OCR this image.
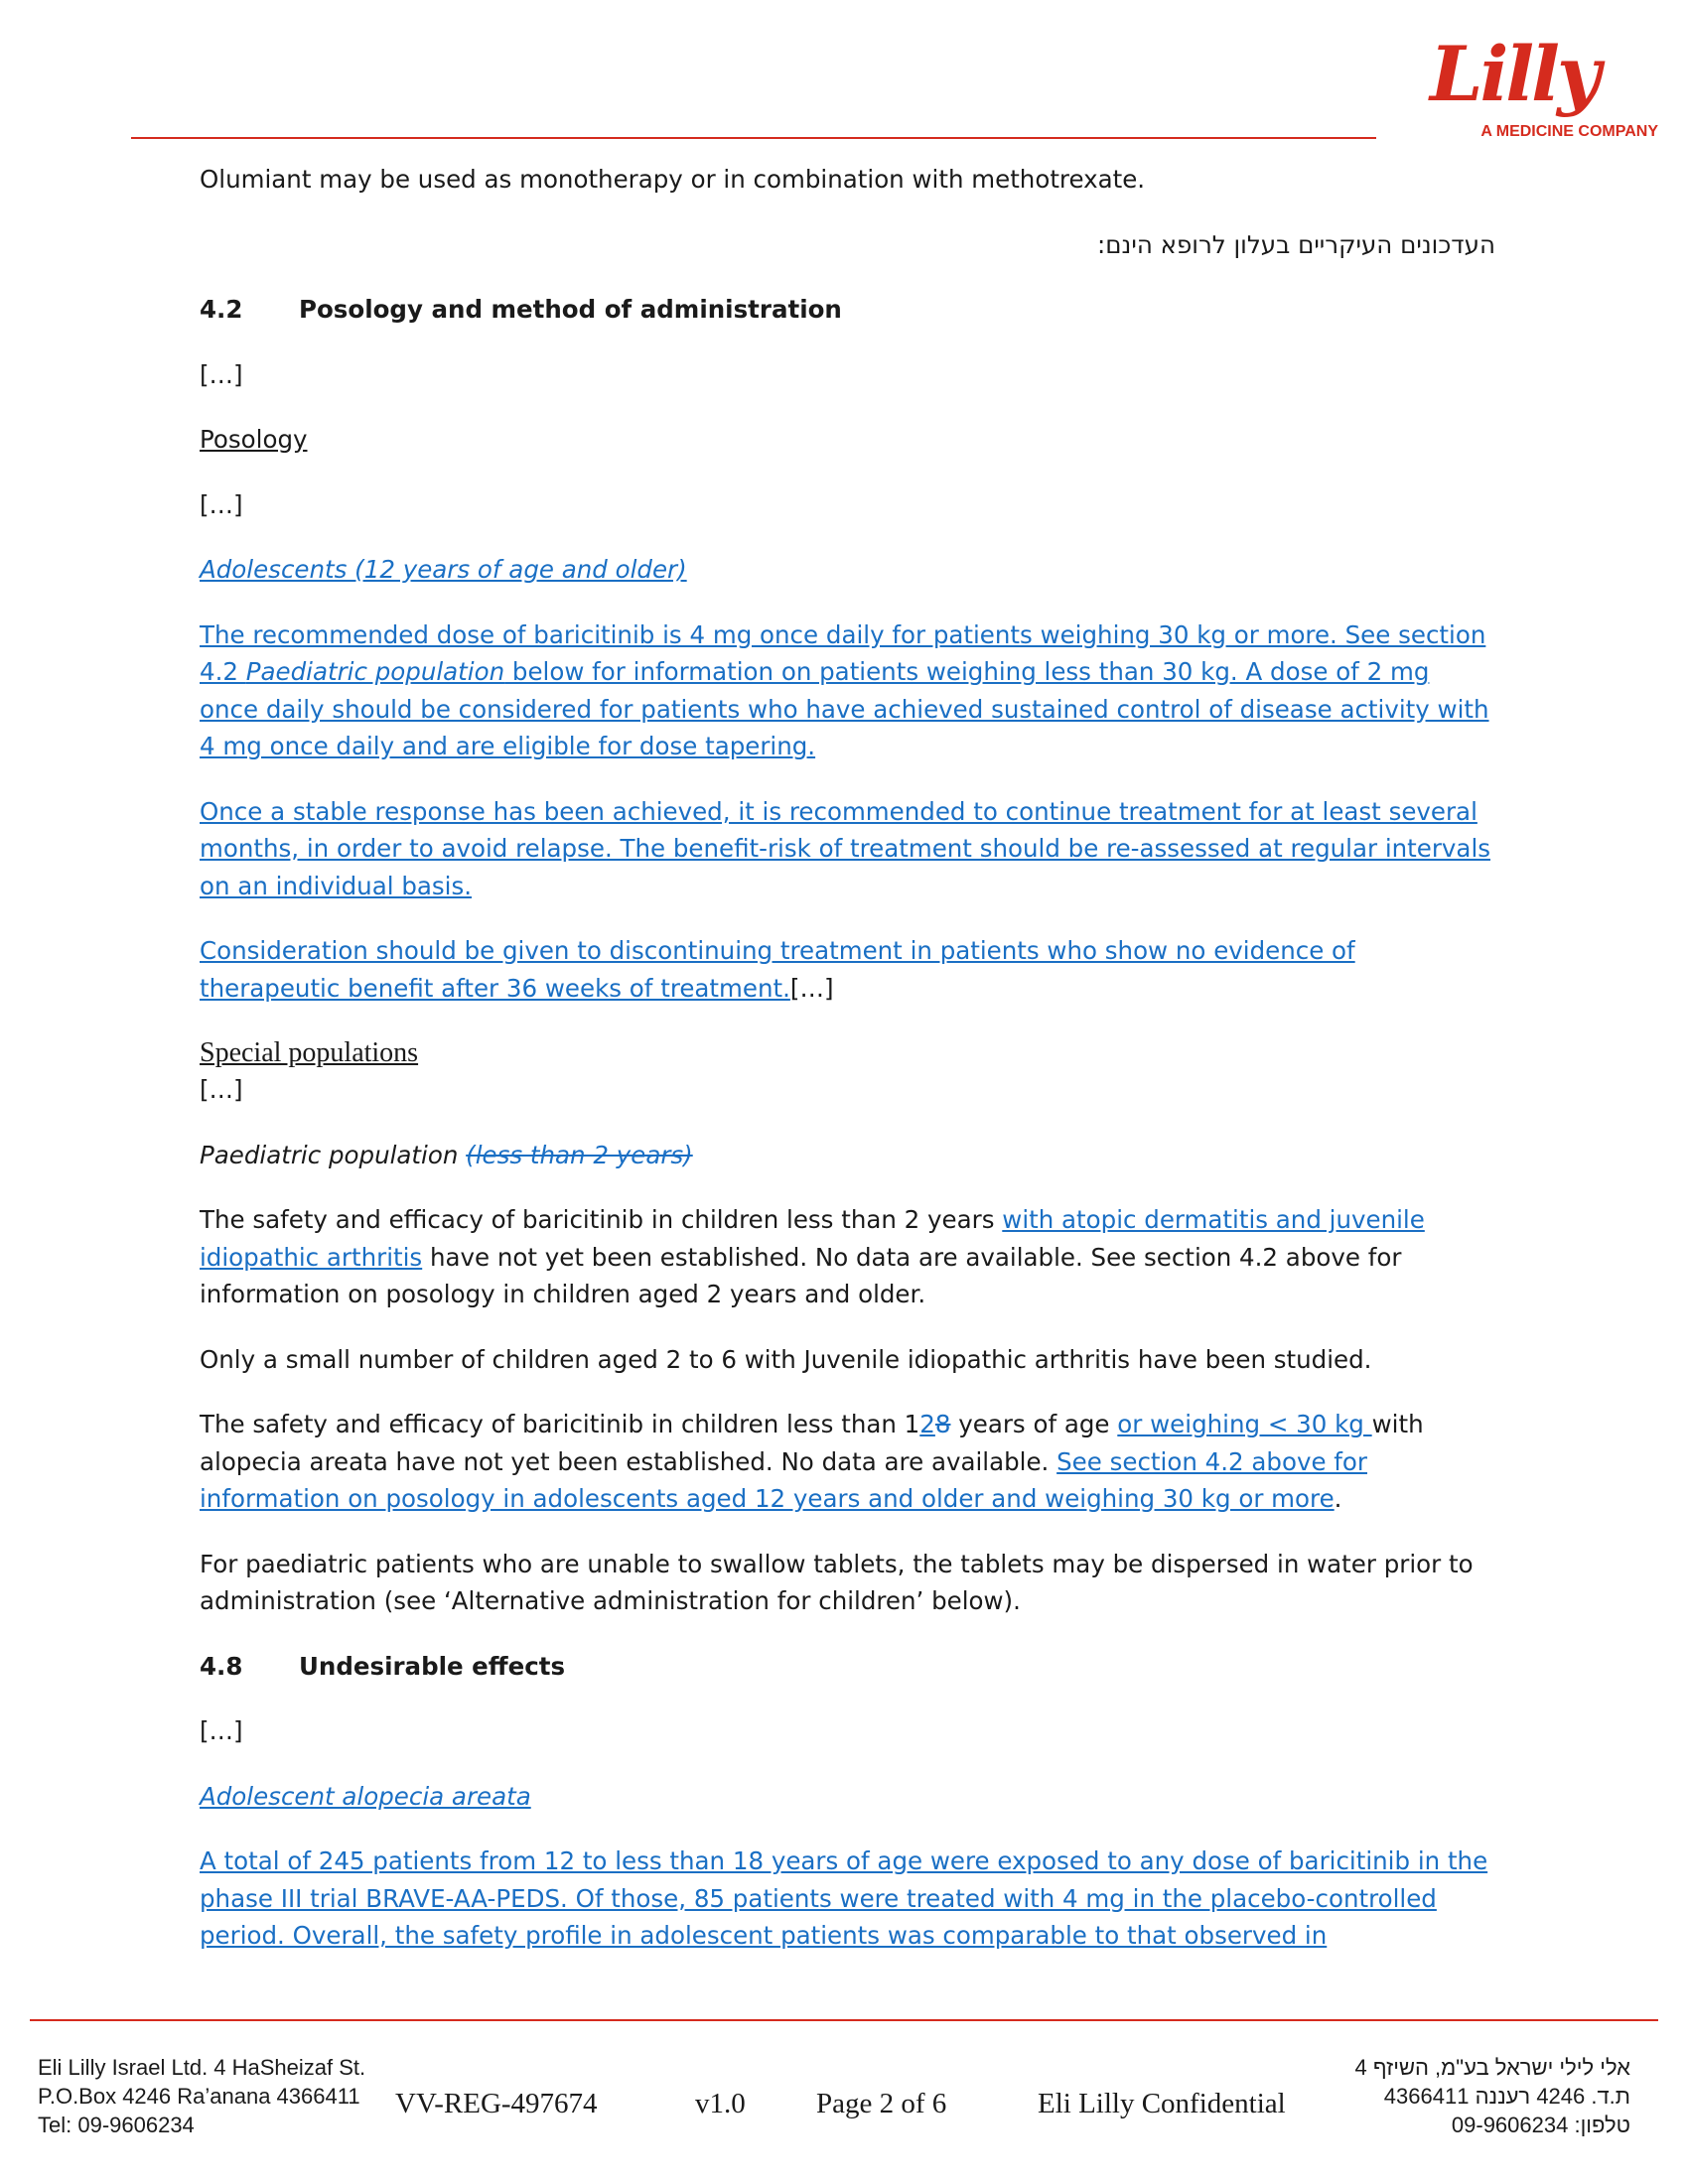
Lilly
A MEDICINE COMPANY

Olumiant may be used as monotherapy or in combination with methotrexate.

העדכונים העיקריים בעלון לרופא הינם:

4.2 Posology and method of administration

[…]

Posology

[…]

Adolescents (12 years of age and older)

The recommended dose of baricitinib is 4 mg once daily for patients weighing 30 kg or more. See section 4.2 Paediatric population below for information on patients weighing less than 30 kg. A dose of 2 mg once daily should be considered for patients who have achieved sustained control of disease activity with 4 mg once daily and are eligible for dose tapering.

Once a stable response has been achieved, it is recommended to continue treatment for at least several months, in order to avoid relapse. The benefit-risk of treatment should be re-assessed at regular intervals on an individual basis.

Consideration should be given to discontinuing treatment in patients who show no evidence of therapeutic benefit after 36 weeks of treatment.[…]

Special populations

[…]

Paediatric population (less than 2 years)

The safety and efficacy of baricitinib in children less than 2 years with atopic dermatitis and juvenile idiopathic arthritis have not yet been established. No data are available. See section 4.2 above for information on posology in children aged 2 years and older.

Only a small number of children aged 2 to 6 with Juvenile idiopathic arthritis have been studied.

The safety and efficacy of baricitinib in children less than 128 years of age or weighing < 30 kg with alopecia areata have not yet been established. No data are available. See section 4.2 above for information on posology in adolescents aged 12 years and older and weighing 30 kg or more.

For paediatric patients who are unable to swallow tablets, the tablets may be dispersed in water prior to administration (see ‘Alternative administration for children’ below).

4.8 Undesirable effects

[…]

Adolescent alopecia areata

A total of 245 patients from 12 to less than 18 years of age were exposed to any dose of baricitinib in the phase III trial BRAVE-AA-PEDS. Of those, 85 patients were treated with 4 mg in the placebo-controlled period. Overall, the safety profile in adolescent patients was comparable to that observed in

Eli Lilly Israel Ltd. 4 HaSheizaf St.
P.O.Box 4246 Ra’anana 4366411
Tel: 09-9606234
VV-REG-497674	v1.0 Page 2 of 6	Eli Lilly Confidential
אלי לילי ישראל בע"מ, השיזף 4
ת.ד. 4246 רעננה 4366411
טלפון: 09-9606234
